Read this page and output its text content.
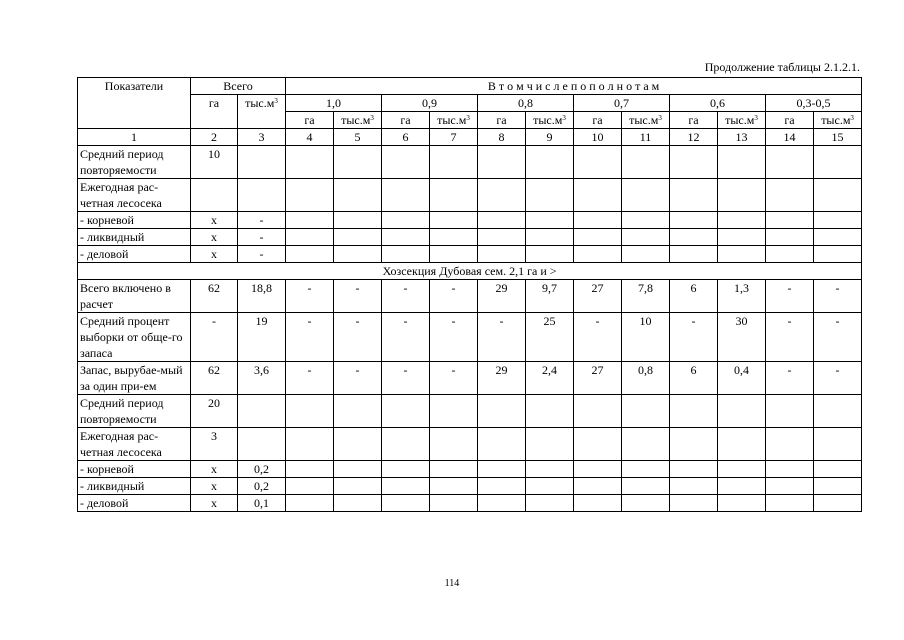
Продолжение таблицы 2.1.2.1.
Показатели	Всего		В т о м ч и с л е п о п о л н о т а м											
	га	$тыс.м^3$	1,0		0,9		0,8		0,7		0,6		0,3-0,5	
			га	$тыс.м^3$	га	$тыс.м^3$	га	$тыс.м^3$	га	$тыс.м^3$	га	$тыс.м^3$	га	$тыс.м^3$
1	2	3	4	5	6	7	8	9	10	11	12	13	14	15
Средний период повторяемости	10													
Ежегодная рас-четная лесосека														
- корневой	х	-												
- ликвидный	х	-												
- деловой	х	-												
Хозсекция Дубовая сем. 2,1 га и >														
Всего включено в расчет	62	18,8	-	-	-	-	29	9,7	27	7,8	6	1,3	-	-
Средний процент выборки от обще-го запаса	-	19	-	-	-	-	-	25	-	10	-	30	-	-
Запас, вырубае-мый за один при-ем	62	3,6	-	-	-	-	29	2,4	27	0,8	6	0,4	-	-
Средний период повторяемости	20													
Ежегодная рас-четная лесосека	3													
- корневой	х	0,2												
- ликвидный	х	0,2												
- деловой	х	0,1												
114
